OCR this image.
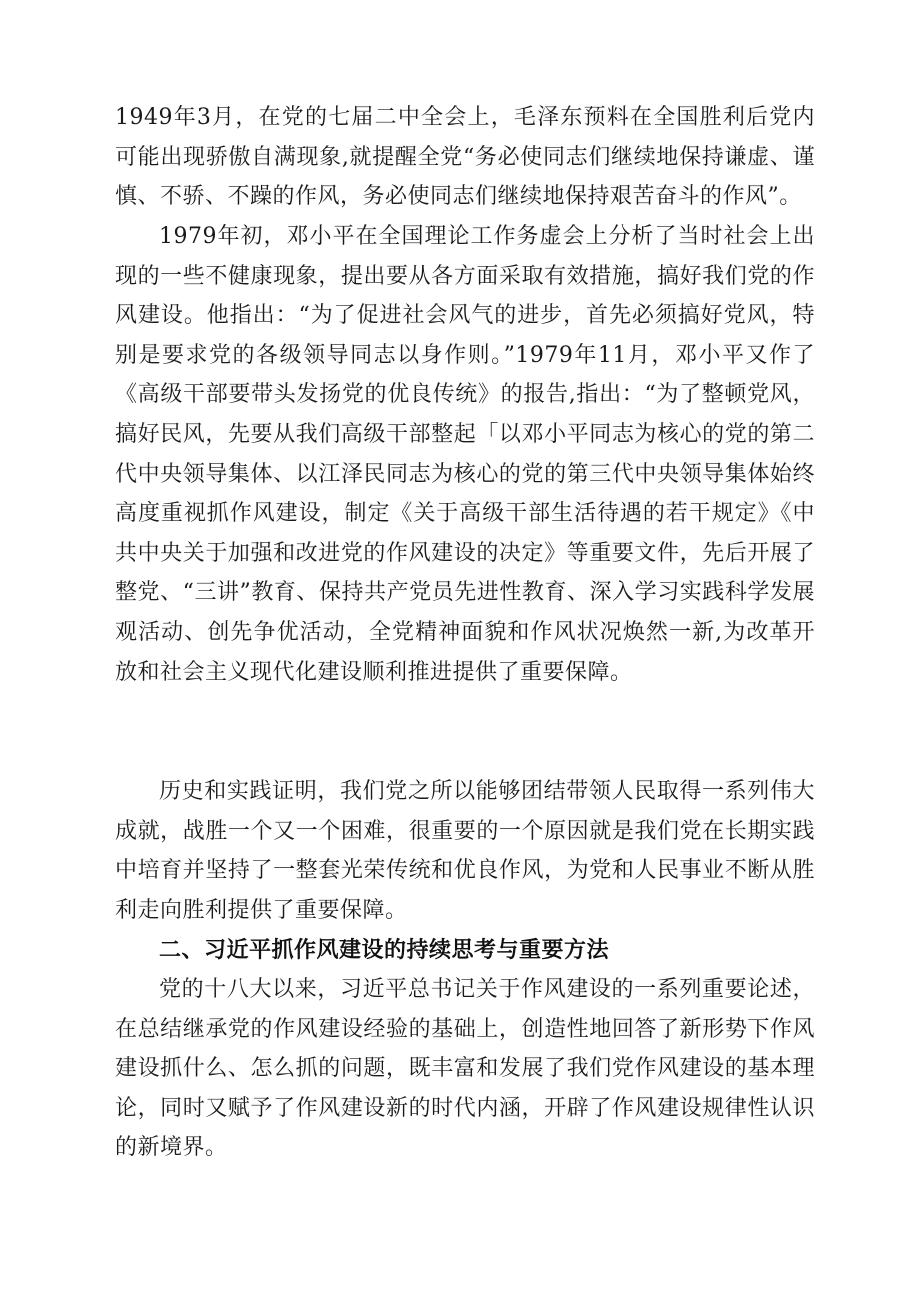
1949年3月，在党的七届二中全会上，毛泽东预料在全国胜利后党内可能出现骄傲自满现象,就提醒全党“务必使同志们继续地保持谦虚、谨慎、不骄、不躁的作风，务必使同志们继续地保持艰苦奋斗的作风”。

1979年初，邓小平在全国理论工作务虚会上分析了当时社会上出现的一些不健康现象，提出要从各方面采取有效措施，搞好我们党的作风建设。他指出：“为了促进社会风气的进步，首先必须搞好党风，特别是要求党的各级领导同志以身作则。”1979年11月，邓小平又作了《高级干部要带头发扬党的优良传统》的报告,指出：“为了整顿党风，搞好民风，先要从我们高级干部整起「以邓小平同志为核心的党的第二代中央领导集体、以江泽民同志为核心的党的第三代中央领导集体始终高度重视抓作风建设，制定《关于高级干部生活待遇的若干规定》《中共中央关于加强和改进党的作风建设的决定》等重要文件，先后开展了整党、“三讲”教育、保持共产党员先进性教育、深入学习实践科学发展观活动、创先争优活动，全党精神面貌和作风状况焕然一新,为改革开放和社会主义现代化建设顺利推进提供了重要保障。

历史和实践证明，我们党之所以能够团结带领人民取得一系列伟大成就，战胜一个又一个困难，很重要的一个原因就是我们党在长期实践中培育并坚持了一整套光荣传统和优良作风，为党和人民事业不断从胜利走向胜利提供了重要保障。

二、习近平抓作风建设的持续思考与重要方法

党的十八大以来，习近平总书记关于作风建设的一系列重要论述，在总结继承党的作风建设经验的基础上，创造性地回答了新形势下作风建设抓什么、怎么抓的问题，既丰富和发展了我们党作风建设的基本理论，同时又赋予了作风建设新的时代内涵，开辟了作风建设规律性认识的新境界。
